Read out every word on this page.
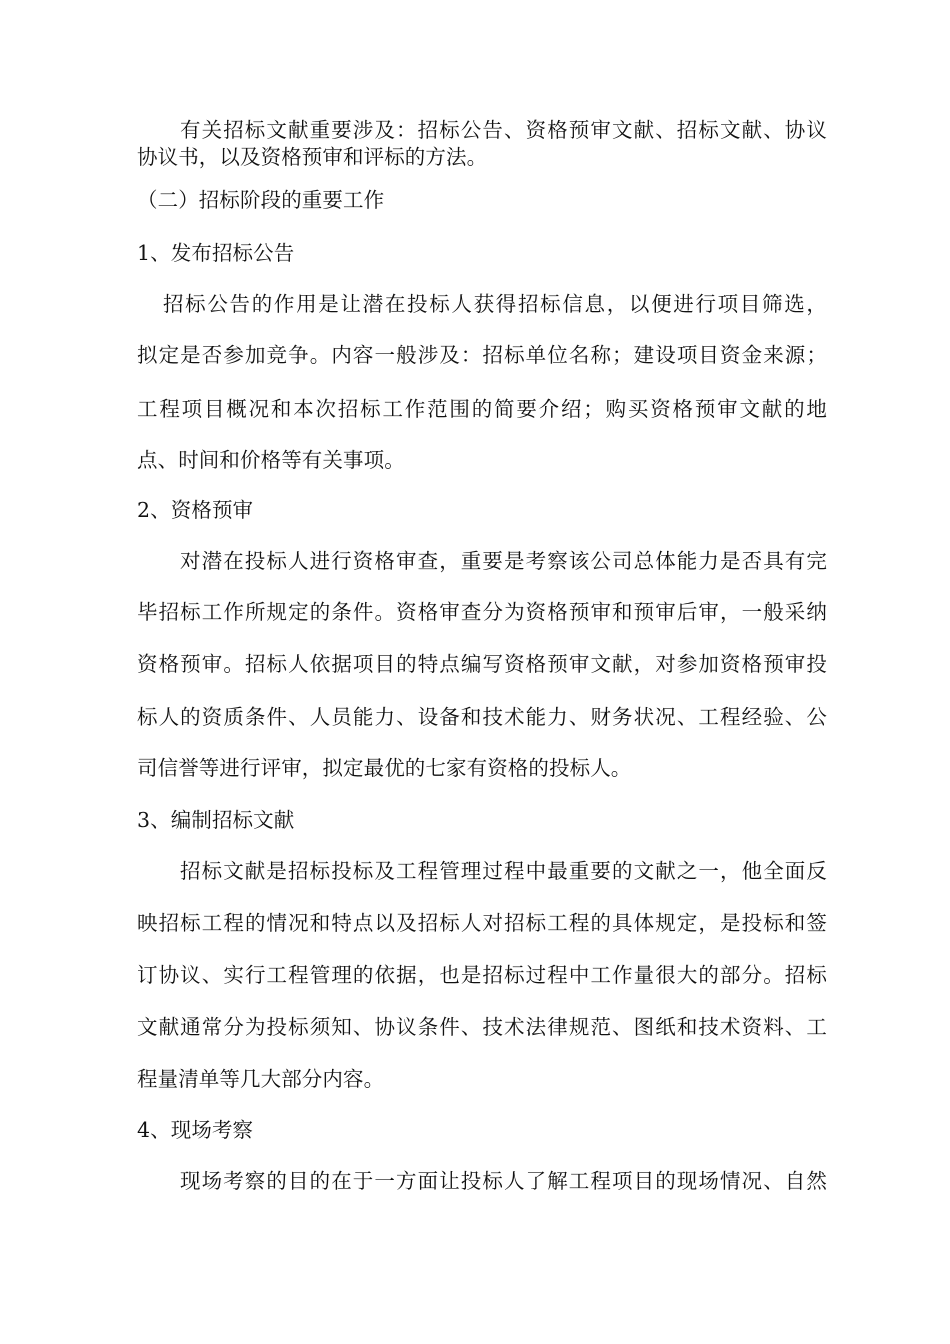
有关招标文献重要涉及：招标公告、资格预审文献、招标文献、协议
协议书，以及资格预审和评标的方法。
（二）招标阶段的重要工作
1、发布招标公告
招标公告的作用是让潜在投标人获得招标信息，以便进行项目筛选，
拟定是否参加竞争。内容一般涉及：招标单位名称；建设项目资金来源；
工程项目概况和本次招标工作范围的简要介绍；购买资格预审文献的地
点、时间和价格等有关事项。
2、资格预审
对潜在投标人进行资格审查，重要是考察该公司总体能力是否具有完
毕招标工作所规定的条件。资格审查分为资格预审和预审后审，一般采纳
资格预审。招标人依据项目的特点编写资格预审文献，对参加资格预审投
标人的资质条件、人员能力、设备和技术能力、财务状况、工程经验、公
司信誉等进行评审，拟定最优的七家有资格的投标人。
3、编制招标文献
招标文献是招标投标及工程管理过程中最重要的文献之一，他全面反
映招标工程的情况和特点以及招标人对招标工程的具体规定，是投标和签
订协议、实行工程管理的依据，也是招标过程中工作量很大的部分。招标
文献通常分为投标须知、协议条件、技术法律规范、图纸和技术资料、工
程量清单等几大部分内容。
4、现场考察
现场考察的目的在于一方面让投标人了解工程项目的现场情况、自然
